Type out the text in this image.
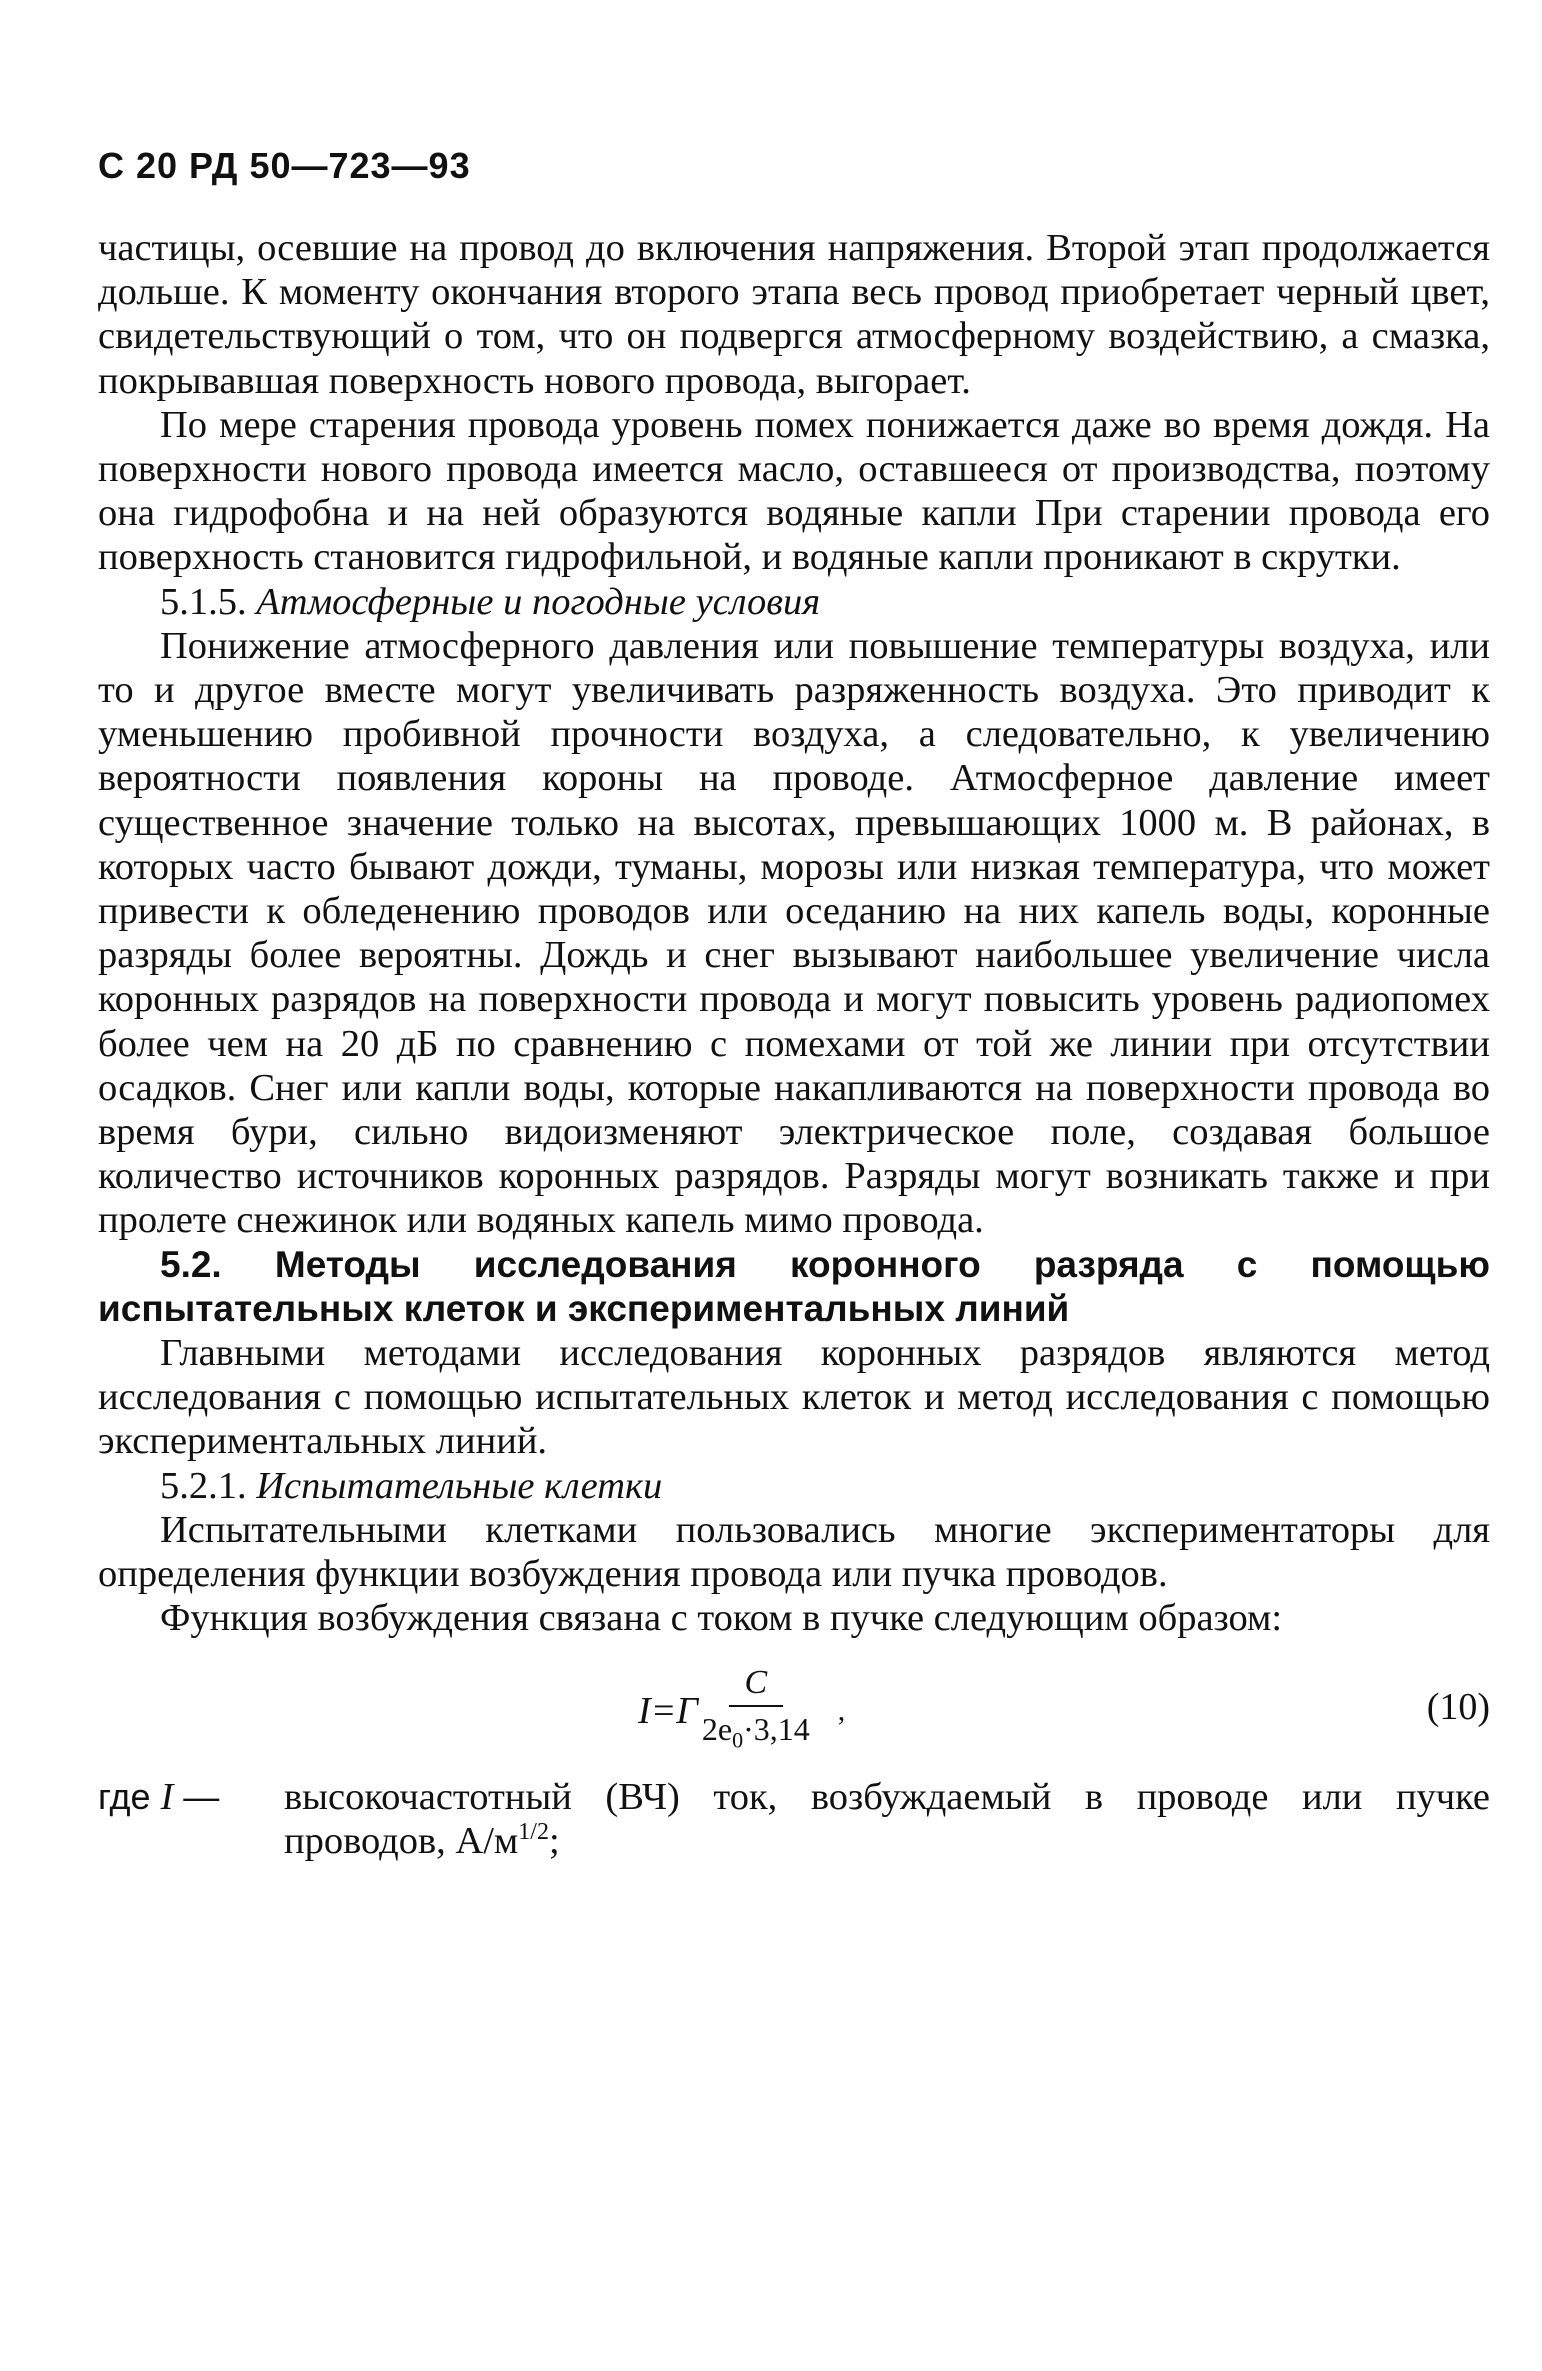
С 20 РД 50—723—93

частицы, осевшие на провод до включения напряжения. Второй этап продолжается дольше. К моменту окончания второго этапа весь провод приобретает черный цвет, свидетельствующий о том, что он подвергся атмосферному воздействию, а смазка, покрывавшая поверхность нового провода, выгорает.

По мере старения провода уровень помех понижается даже во время дождя. На поверхности нового провода имеется масло, оставшееся от производства, поэтому она гидрофобна и на ней образуются водяные капли При старении провода его поверхность становится гидрофильной, и водяные капли проникают в скрутки.

5.1.5. Атмосферные и погодные условия

Понижение атмосферного давления или повышение температуры воздуха, или то и другое вместе могут увеличивать разряженность воздуха. Это приводит к уменьшению пробивной прочности воздуха, а следовательно, к увеличению вероятности появления короны на проводе. Атмосферное давление имеет существенное значение только на высотах, превышающих 1000 м. В районах, в которых часто бывают дожди, туманы, морозы или низкая температура, что может привести к обледенению проводов или оседанию на них капель воды, коронные разряды более вероятны. Дождь и снег вызывают наибольшее увеличение числа коронных разрядов на поверхности провода и могут повысить уровень радиопомех более чем на 20 дБ по сравнению с помехами от той же линии при отсутствии осадков. Снег или капли воды, которые накапливаются на поверхности провода во время бури, сильно видоизменяют электрическое поле, создавая большое количество источников коронных разрядов. Разряды могут возникать также и при пролете снежинок или водяных капель мимо провода.

5.2. Методы исследования коронного разряда с помощью испытательных клеток и экспериментальных линий

Главными методами исследования коронных разрядов являются метод исследования с помощью испытательных клеток и метод исследования с помощью экспериментальных линий.

5.2.1. Испытательные клетки

Испытательными клетками пользовались многие экспериментаторы для определения функции возбуждения провода или пучка проводов.

Функция возбуждения связана с током в пучке следующим образом:

$I=Г \frac{C}{2e_0\cdot 3,14}$ ,	(10)
где I —	высокочастотный (ВЧ) ток, возбуждаемый в проводе или пучке проводов, $А/м^{1/2}$;
